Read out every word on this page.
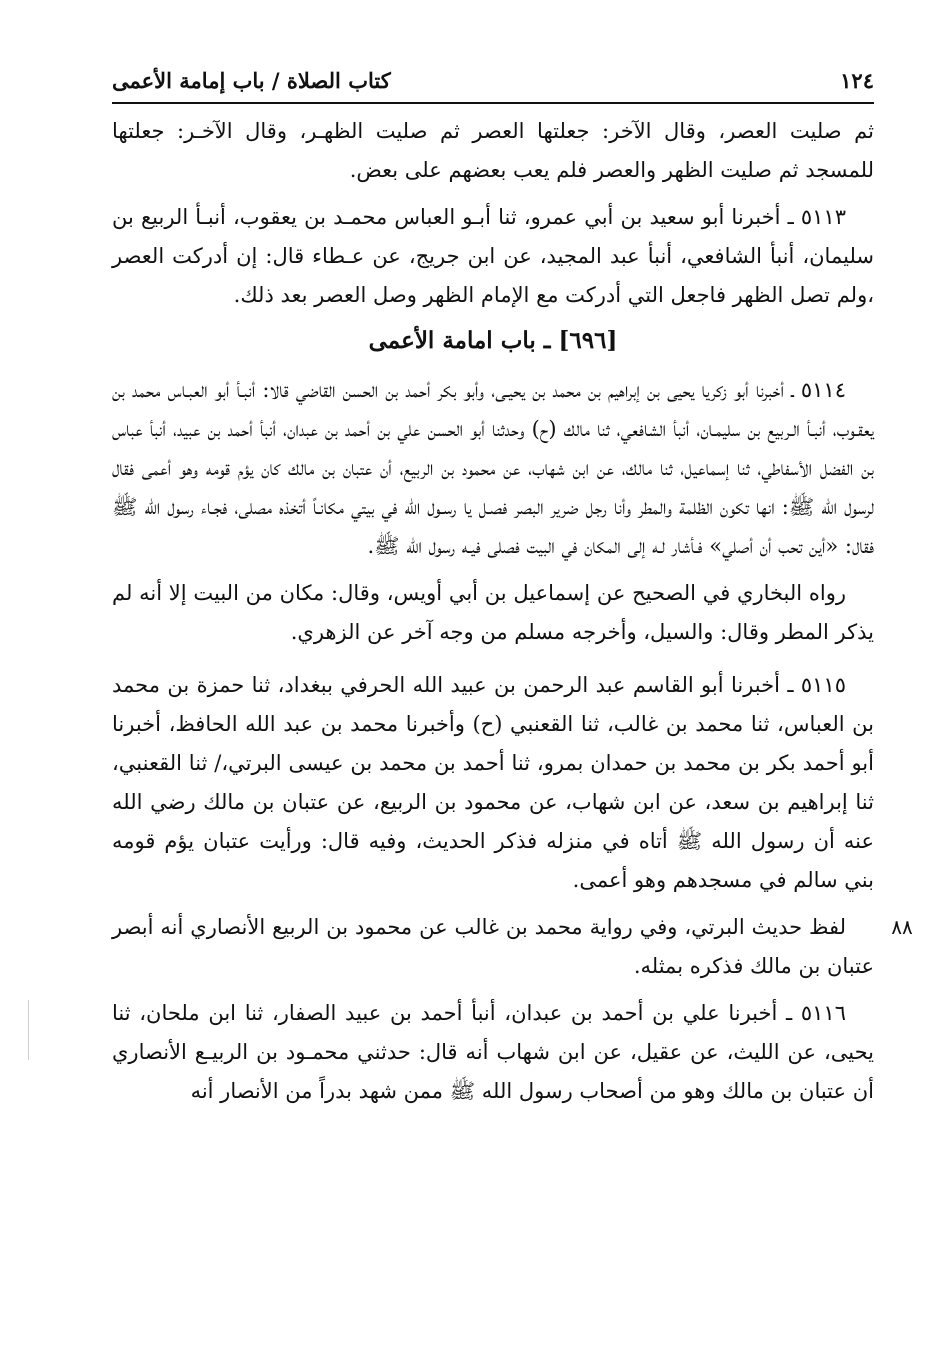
١٢٤
كتاب الصلاة / باب إمامة الأعمى

ثم صليت العصر، وقال الآخر: جعلتها العصر ثم صليت الظهـر، وقال الآخـر: جعلتها للمسجد ثم صليت الظهر والعصر فلم يعب بعضهم على بعض.

٥١١٣ ـ أخبرنا أبو سعيد بن أبي عمرو، ثنا أبـو العباس محمـد بن يعقوب، أنبـأ الربيع بن سليمان، أنبأ الشافعي، أنبأ عبد المجيد، عن ابن جريج، عن عـطاء قال: إن أدركت العصر ،ولم تصل الظهر فاجعل التي أدركت مع الإمام الظهر وصل العصر بعد ذلك.

[٦٩٦] ـ باب امامة الأعمى

٥١١٤ ـ أخبرنا أبو زكريا يحيى بن إبراهيم بن محمد بن يحيـى، وأبو بكر أحمد بن الحسن القاضي قالا: أنبـأ أبو العبـاس محمد بن يعقـوب، أنبـأ الـربيع بن سليمـان، أنبأ الشافعي، ثنا مالك (ح) وحدثنا أبو الحسن علي بن أحمد بن عبدان، أنبأ أحمد بن عبيد، أنبأ عباس بن الفضل الأسفاطي، ثنا إسماعيل، ثنا مالك، عن ابن شهاب، عن محمود بن الربيع، أن عتبان بن مالك كان يؤم قومه وهو أعمى فقال لرسول الله ﷺ: انها تكون الظلمة والمطر وأنا رجل ضرير البصر فصـل يا رسـول الله في بيتي مكانـاً أتخذه مصلى، فجـاء رسول الله ﷺ فقال: «أين تحب أن أصلي» فـأشار لـه إلى المكان في البيت فصلى فيـه رسول الله ﷺ.

رواه البخاري في الصحيح عن إسماعيل بن أبي أويس، وقال: مكان من البيت إلا أنه لم يذكر المطر وقال: والسيل، وأخرجه مسلم من وجه آخر عن الزهري.

٥١١٥ ـ أخبرنا أبو القاسم عبد الرحمن بن عبيد الله الحرفي ببغداد، ثنا حمزة بن محمد بن العباس، ثنا محمد بن غالب، ثنا القعنبي (ح) وأخبرنا محمد بن عبد الله الحافظ، أخبرنا أبو أحمد بكر بن محمد بن حمدان بمرو، ثنا أحمد بن محمد بن عيسى البرتي،/ ثنا القعنبي، ثنا إبراهيم بن سعد، عن ابن شهاب، عن محمود بن الربيع، عن عتبان بن مالك رضي الله عنه أن رسول الله ﷺ أتاه في منزله فذكر الحديث، وفيه قال: ورأيت عتبان يؤم قومه بني سالم في مسجدهم وهو أعمى.

لفظ حديث البرتي، وفي رواية محمد بن غالب عن محمود بن الربيع الأنصاري أنه أبصر عتبان بن مالك فذكره بمثله.

٥١١٦ ـ أخبرنا علي بن أحمد بن عبدان، أنبأ أحمد بن عبيد الصفار، ثنا ابن ملحان، ثنا يحيى، عن الليث، عن عقيل، عن ابن شهاب أنه قال: حدثني محمـود بن الربيـع الأنصاري أن عتبان بن مالك وهو من أصحاب رسول الله ﷺ ممن شهد بدراً من الأنصار أنه

٨٨
